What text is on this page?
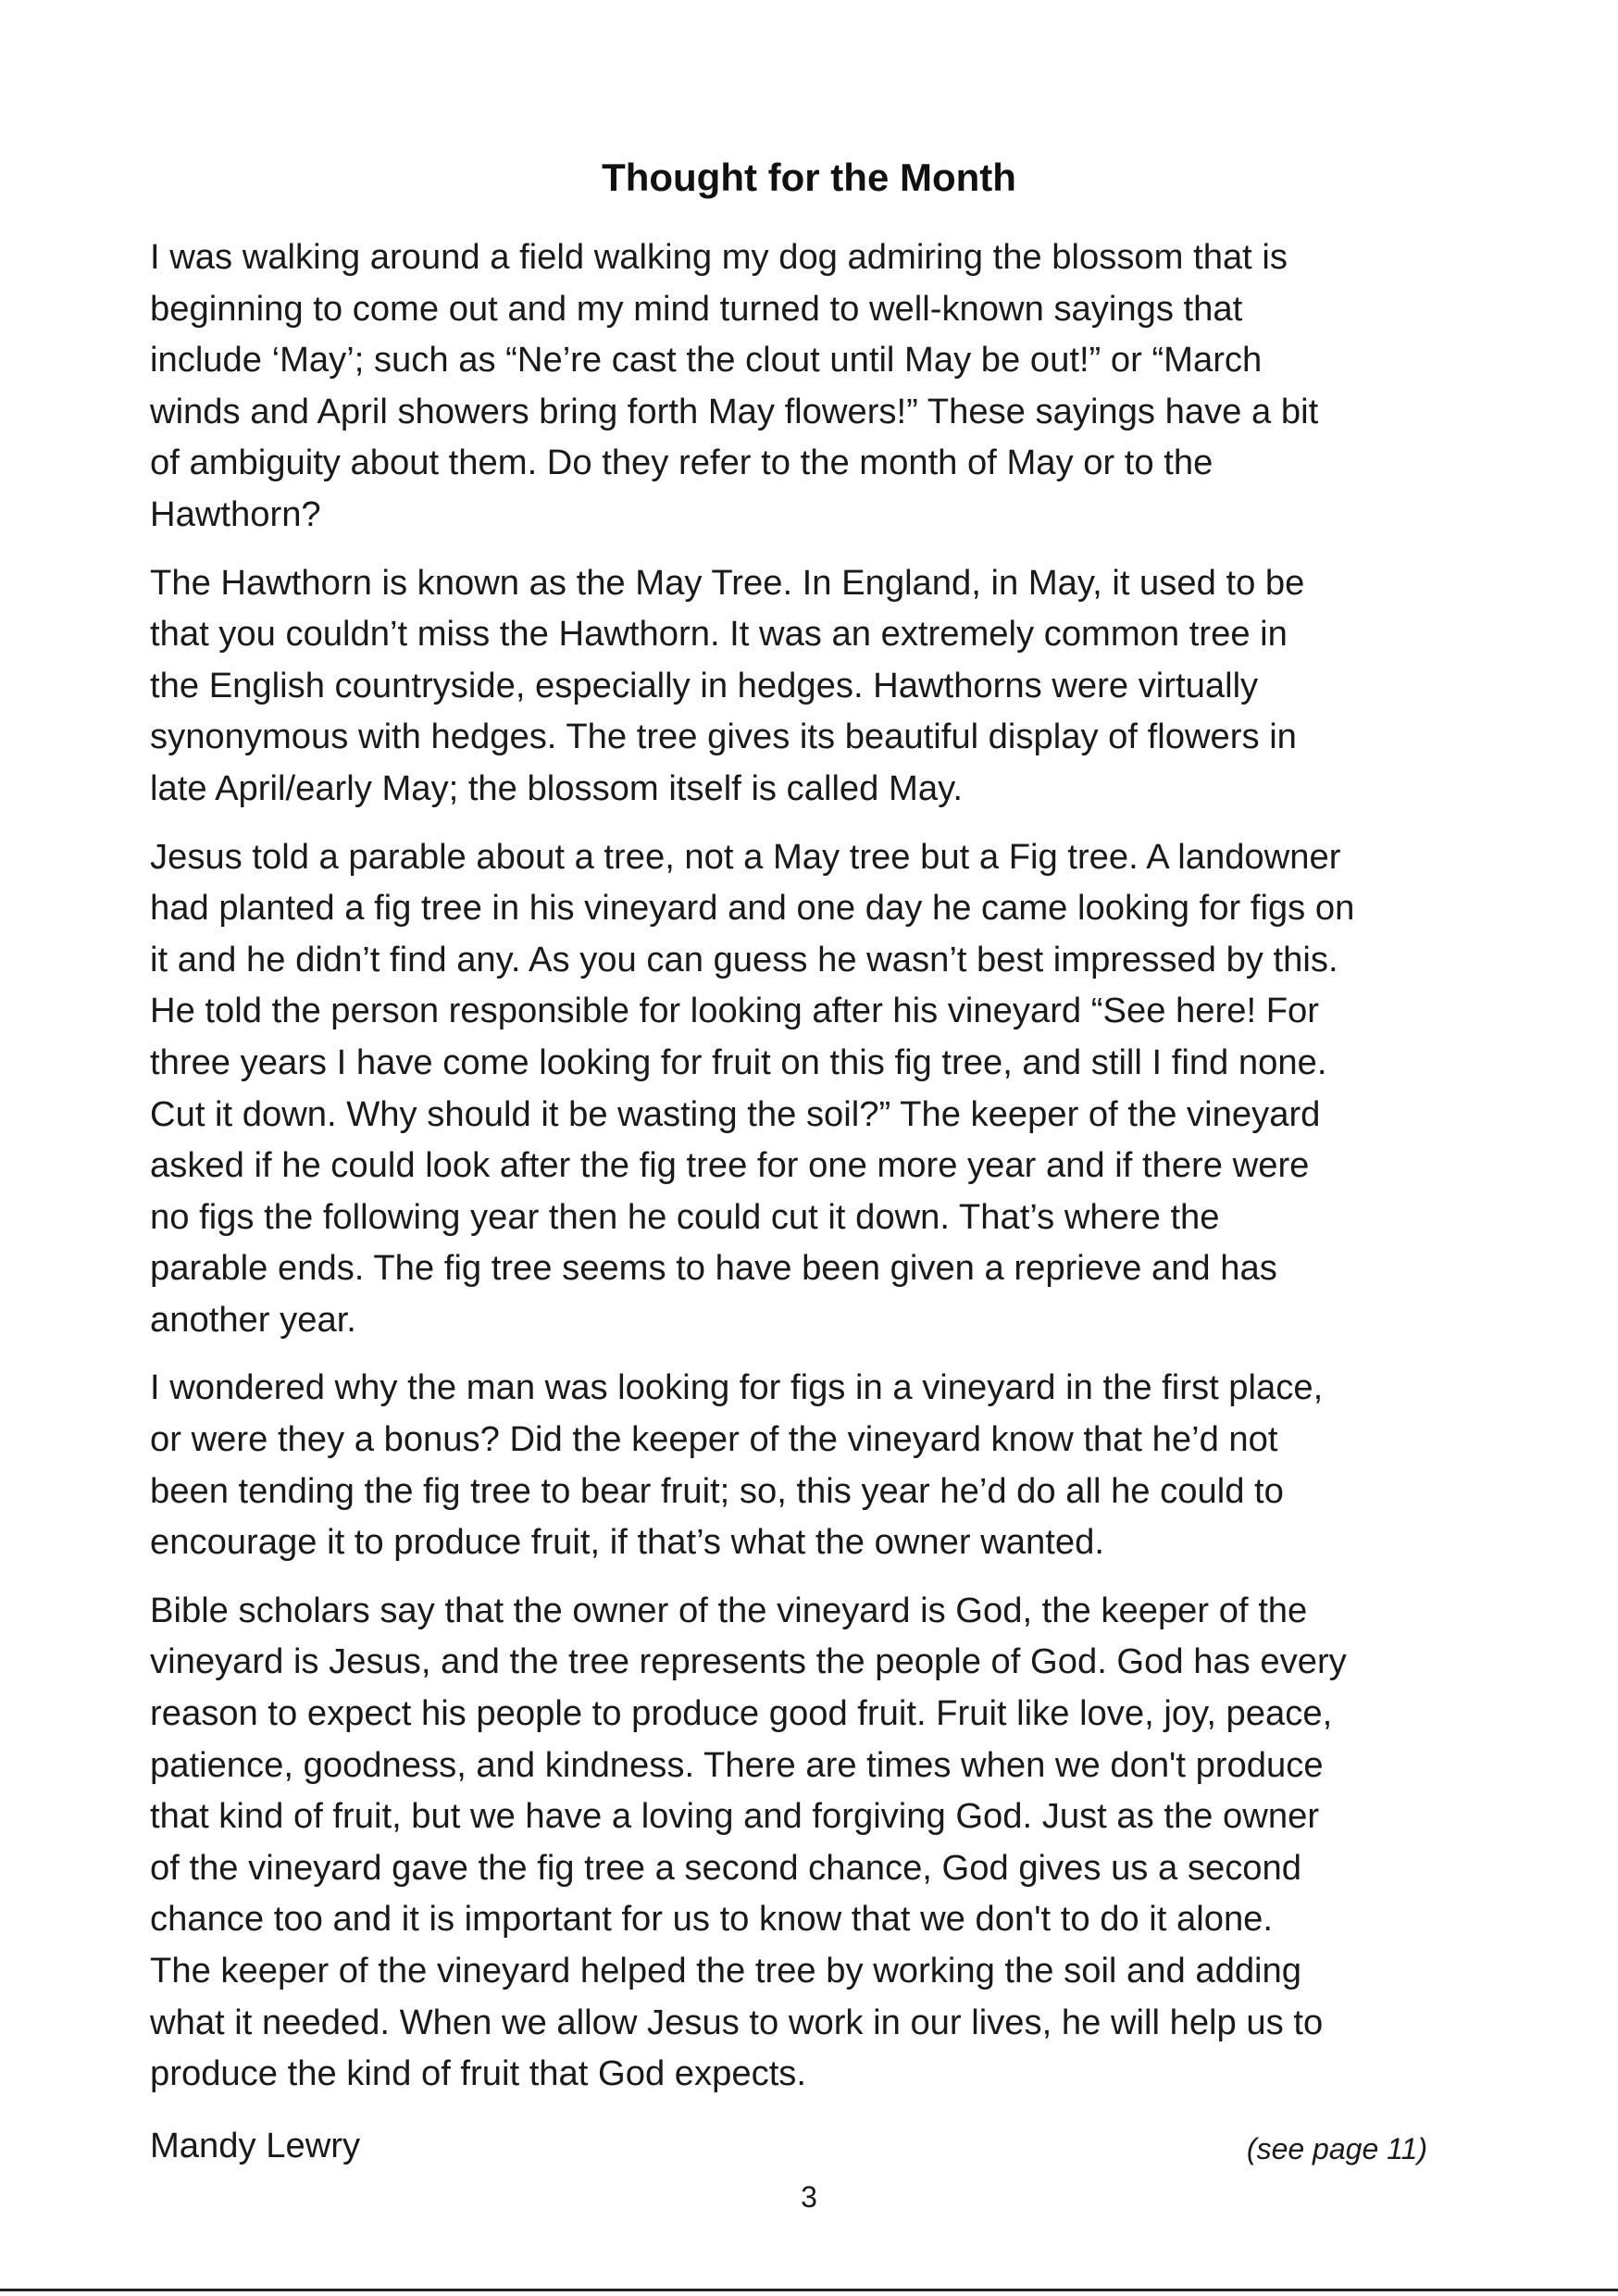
Thought for the Month

I was walking around a field walking my dog admiring the blossom that is
beginning to come out and my mind turned to well-known sayings that
include ‘May’; such as “Ne’re cast the clout until May be out!” or “March
winds and April showers bring forth May flowers!” These sayings have a bit
of ambiguity about them. Do they refer to the month of May or to the
Hawthorn?

The Hawthorn is known as the May Tree. In England, in May, it used to be
that you couldn’t miss the Hawthorn. It was an extremely common tree in
the English countryside, especially in hedges. Hawthorns were virtually
synonymous with hedges. The tree gives its beautiful display of flowers in
late April/early May; the blossom itself is called May.

Jesus told a parable about a tree, not a May tree but a Fig tree. A landowner
had planted a fig tree in his vineyard and one day he came looking for figs on
it and he didn’t find any. As you can guess he wasn’t best impressed by this.
He told the person responsible for looking after his vineyard “See here! For
three years I have come looking for fruit on this fig tree, and still I find none.
Cut it down. Why should it be wasting the soil?” The keeper of the vineyard
asked if he could look after the fig tree for one more year and if there were
no figs the following year then he could cut it down. That’s where the
parable ends. The fig tree seems to have been given a reprieve and has
another year.

I wondered why the man was looking for figs in a vineyard in the first place,
or were they a bonus? Did the keeper of the vineyard know that he’d not
been tending the fig tree to bear fruit; so, this year he’d do all he could to
encourage it to produce fruit, if that’s what the owner wanted.

Bible scholars say that the owner of the vineyard is God, the keeper of the
vineyard is Jesus, and the tree represents the people of God. God has every
reason to expect his people to produce good fruit. Fruit like love, joy, peace,
patience, goodness, and kindness. There are times when we don't produce
that kind of fruit, but we have a loving and forgiving God. Just as the owner
of the vineyard gave the fig tree a second chance, God gives us a second
chance too and it is important for us to know that we don't to do it alone.
The keeper of the vineyard helped the tree by working the soil and adding
what it needed. When we allow Jesus to work in our lives, he will help us to
produce the kind of fruit that God expects.

Mandy Lewry	(see page 11)
3
